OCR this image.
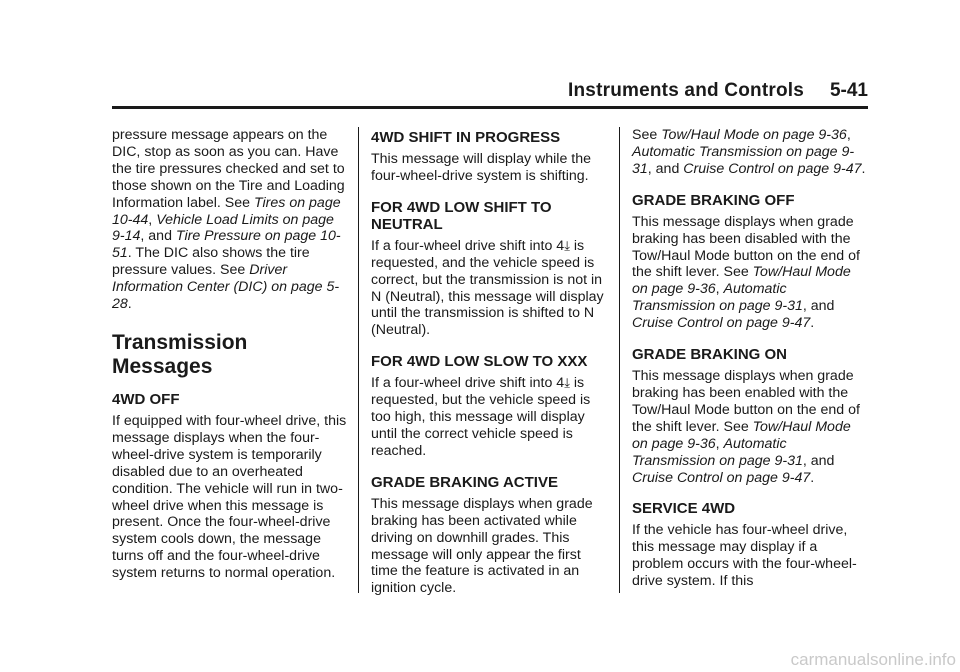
Instruments and Controls 5-41

pressure message appears on the DIC, stop as soon as you can. Have the tire pressures checked and set to those shown on the Tire and Loading Information label. See Tires on page 10-44, Vehicle Load Limits on page 9-14, and Tire Pressure on page 10-51. The DIC also shows the tire pressure values. See Driver Information Center (DIC) on page 5-28.

Transmission Messages
4WD OFF

If equipped with four-wheel drive, this message displays when the four-wheel-drive system is temporarily disabled due to an overheated condition. The vehicle will run in two-wheel drive when this message is present. Once the four-wheel-drive system cools down, the message turns off and the four-wheel-drive system returns to normal operation.

4WD SHIFT IN PROGRESS

This message will display while the four-wheel-drive system is shifting.

FOR 4WD LOW SHIFT TO NEUTRAL

If a four-wheel drive shift into 4⤓ is requested, and the vehicle speed is correct, but the transmission is not in N (Neutral), this message will display until the transmission is shifted to N (Neutral).

FOR 4WD LOW SLOW TO XXX

If a four-wheel drive shift into 4⤓ is requested, but the vehicle speed is too high, this message will display until the correct vehicle speed is reached.

GRADE BRAKING ACTIVE

This message displays when grade braking has been activated while driving on downhill grades. This message will only appear the first time the feature is activated in an ignition cycle.

See Tow/Haul Mode on page 9-36, Automatic Transmission on page 9-31, and Cruise Control on page 9-47.

GRADE BRAKING OFF

This message displays when grade braking has been disabled with the Tow/Haul Mode button on the end of the shift lever. See Tow/Haul Mode on page 9-36, Automatic Transmission on page 9-31, and Cruise Control on page 9-47.

GRADE BRAKING ON

This message displays when grade braking has been enabled with the Tow/Haul Mode button on the end of the shift lever. See Tow/Haul Mode on page 9-36, Automatic Transmission on page 9-31, and Cruise Control on page 9-47.

SERVICE 4WD

If the vehicle has four-wheel drive, this message may display if a problem occurs with the four-wheel-drive system. If this

carmanualsonline.info
